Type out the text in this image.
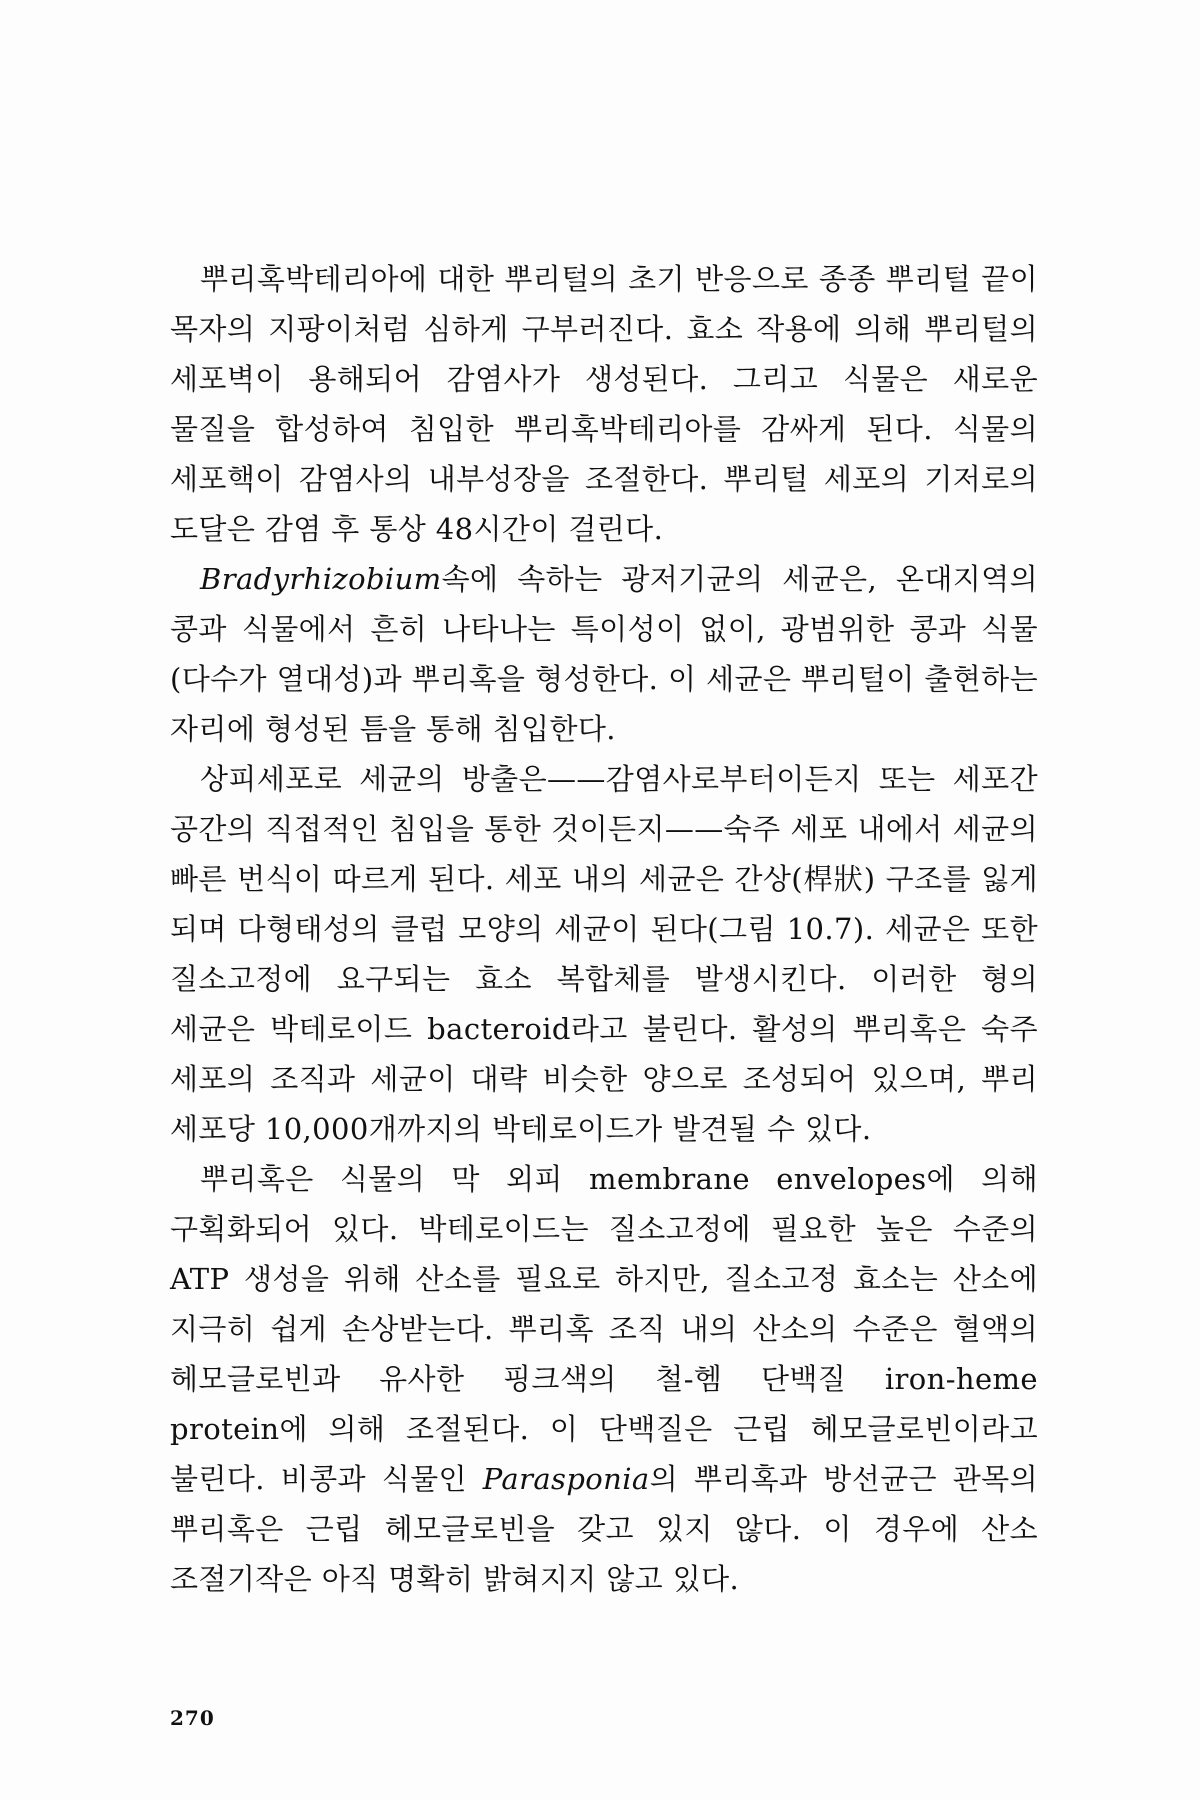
뿌리혹박테리아에 대한 뿌리털의 초기 반응으로 종종 뿌리털 끝이 목자의 지팡이처럼 심하게 구부러진다. 효소 작용에 의해 뿌리털의 세포벽이 용해되어 감염사가 생성된다. 그리고 식물은 새로운 물질을 합성하여 침입한 뿌리혹박테리아를 감싸게 된다. 식물의 세포핵이 감염사의 내부성장을 조절한다. 뿌리털 세포의 기저로의 도달은 감염 후 통상 48시간이 걸린다.

Bradyrhizobium속에 속하는 광저기균의 세균은, 온대지역의 콩과 식물에서 흔히 나타나는 특이성이 없이, 광범위한 콩과 식물(다수가 열대성)과 뿌리혹을 형성한다. 이 세균은 뿌리털이 출현하는 자리에 형성된 틈을 통해 침입한다.

상피세포로 세균의 방출은——감염사로부터이든지 또는 세포간 공간의 직접적인 침입을 통한 것이든지——숙주 세포 내에서 세균의 빠른 번식이 따르게 된다. 세포 내의 세균은 간상(桿狀) 구조를 잃게 되며 다형태성의 클럽 모양의 세균이 된다(그림 10.7). 세균은 또한 질소고정에 요구되는 효소 복합체를 발생시킨다. 이러한 형의 세균은 박테로이드 bacteroid라고 불린다. 활성의 뿌리혹은 숙주 세포의 조직과 세균이 대략 비슷한 양으로 조성되어 있으며, 뿌리 세포당 10,000개까지의 박테로이드가 발견될 수 있다.

뿌리혹은 식물의 막 외피 membrane envelopes에 의해 구획화되어 있다. 박테로이드는 질소고정에 필요한 높은 수준의 ATP 생성을 위해 산소를 필요로 하지만, 질소고정 효소는 산소에 지극히 쉽게 손상받는다. 뿌리혹 조직 내의 산소의 수준은 혈액의 헤모글로빈과 유사한 핑크색의 철-헴 단백질 iron-heme protein에 의해 조절된다. 이 단백질은 근립 헤모글로빈이라고 불린다. 비콩과 식물인 Parasponia의 뿌리혹과 방선균근 관목의 뿌리혹은 근립 헤모글로빈을 갖고 있지 않다. 이 경우에 산소 조절기작은 아직 명확히 밝혀지지 않고 있다.

270
